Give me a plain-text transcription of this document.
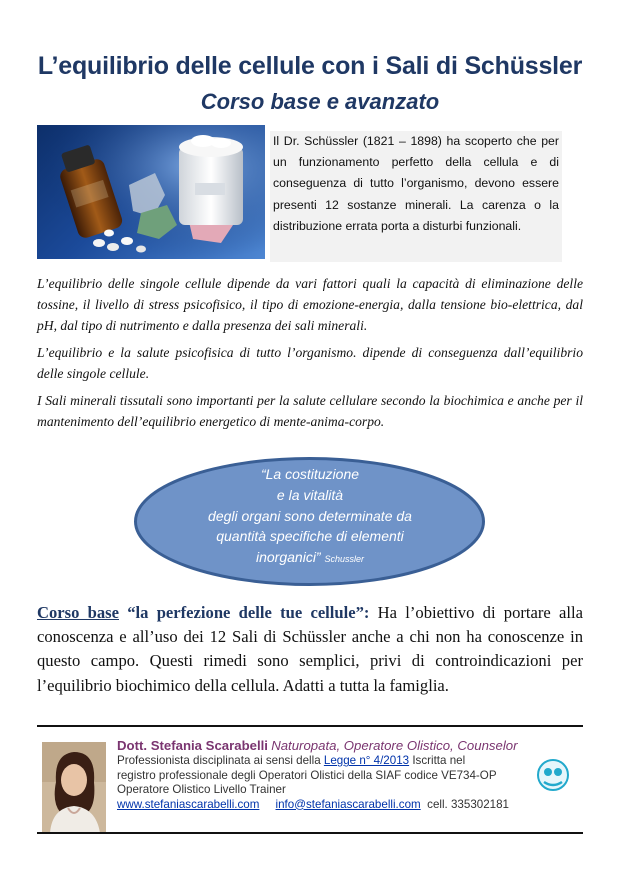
L’equilibrio delle cellule con i Sali di Schüssler
Corso base e avanzato
Il Dr. Schüssler (1821 – 1898) ha scoperto che per un funzionamento perfetto della cellula e di conseguenza di tutto l’organismo, devono essere presenti 12 sostanze minerali. La carenza o la distribuzione errata porta a disturbi funzionali.

L’equilibrio delle singole cellule dipende da vari fattori quali la capacità di eliminazione delle tossine, il livello di stress psicofisico, il tipo di emozione-energia, dalla tensione bio-elettrica, dal pH, dal tipo di nutrimento e dalla presenza dei sali minerali.

L’equilibrio e la salute psicofisica di tutto l’organismo. dipende di conseguenza dall’equilibrio delle singole cellule.

I Sali minerali tissutali sono importanti per la salute cellulare secondo la biochimica e anche per il mantenimento dell’equilibrio energetico di mente-anima-corpo.

“La costituzione
e la vitalità
degli organi sono determinate da
quantità specifiche di elementi
inorganici” Schussler

Corso base “la perfezione delle tue cellule”: Ha l’obiettivo di portare alla conoscenza e all’uso dei 12 Sali di Schüssler anche a chi non ha conoscenze in questo campo. Questi rimedi sono semplici, privi di controindicazioni per l’equilibrio biochimico della cellula. Adatti a tutta la famiglia.

Dott. Stefania Scarabelli Naturopata, Operatore Olistico, Counselor
Professionista disciplinata ai sensi della Legge n° 4/2013 Iscritta nel
registro professionale degli Operatori Olistici della SIAF codice VE734-OP
Operatore Olistico Livello Trainer
www.stefaniascarabelli.com info@stefaniascarabelli.com cell. 335302181
